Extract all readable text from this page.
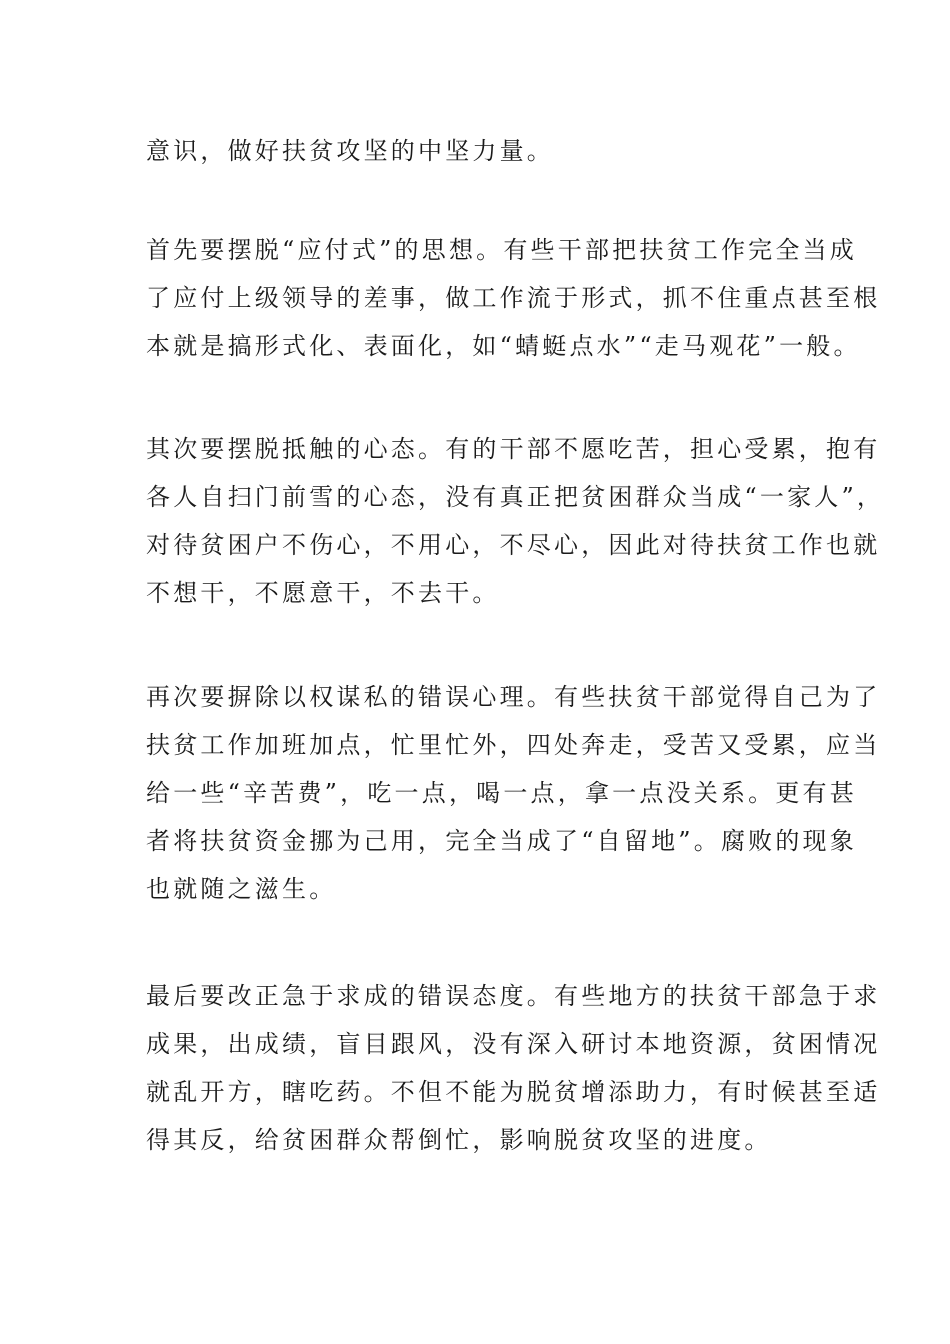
意识，做好扶贫攻坚的中坚力量。
首先要摆脱“应付式”的思想。有些干部把扶贫工作完全当成
了应付上级领导的差事，做工作流于形式，抓不住重点甚至根
本就是搞形式化、表面化，如“蜻蜓点水”“走马观花”一般。
其次要摆脱抵触的心态。有的干部不愿吃苦，担心受累，抱有
各人自扫门前雪的心态，没有真正把贫困群众当成“一家人”，
对待贫困户不伤心，不用心，不尽心，因此对待扶贫工作也就
不想干，不愿意干，不去干。
再次要摒除以权谋私的错误心理。有些扶贫干部觉得自己为了
扶贫工作加班加点，忙里忙外，四处奔走，受苦又受累，应当
给一些“辛苦费”，吃一点，喝一点，拿一点没关系。更有甚
者将扶贫资金挪为己用，完全当成了“自留地”。腐败的现象
也就随之滋生。
最后要改正急于求成的错误态度。有些地方的扶贫干部急于求
成果，出成绩，盲目跟风，没有深入研讨本地资源，贫困情况
就乱开方，瞎吃药。不但不能为脱贫增添助力，有时候甚至适
得其反，给贫困群众帮倒忙，影响脱贫攻坚的进度。
